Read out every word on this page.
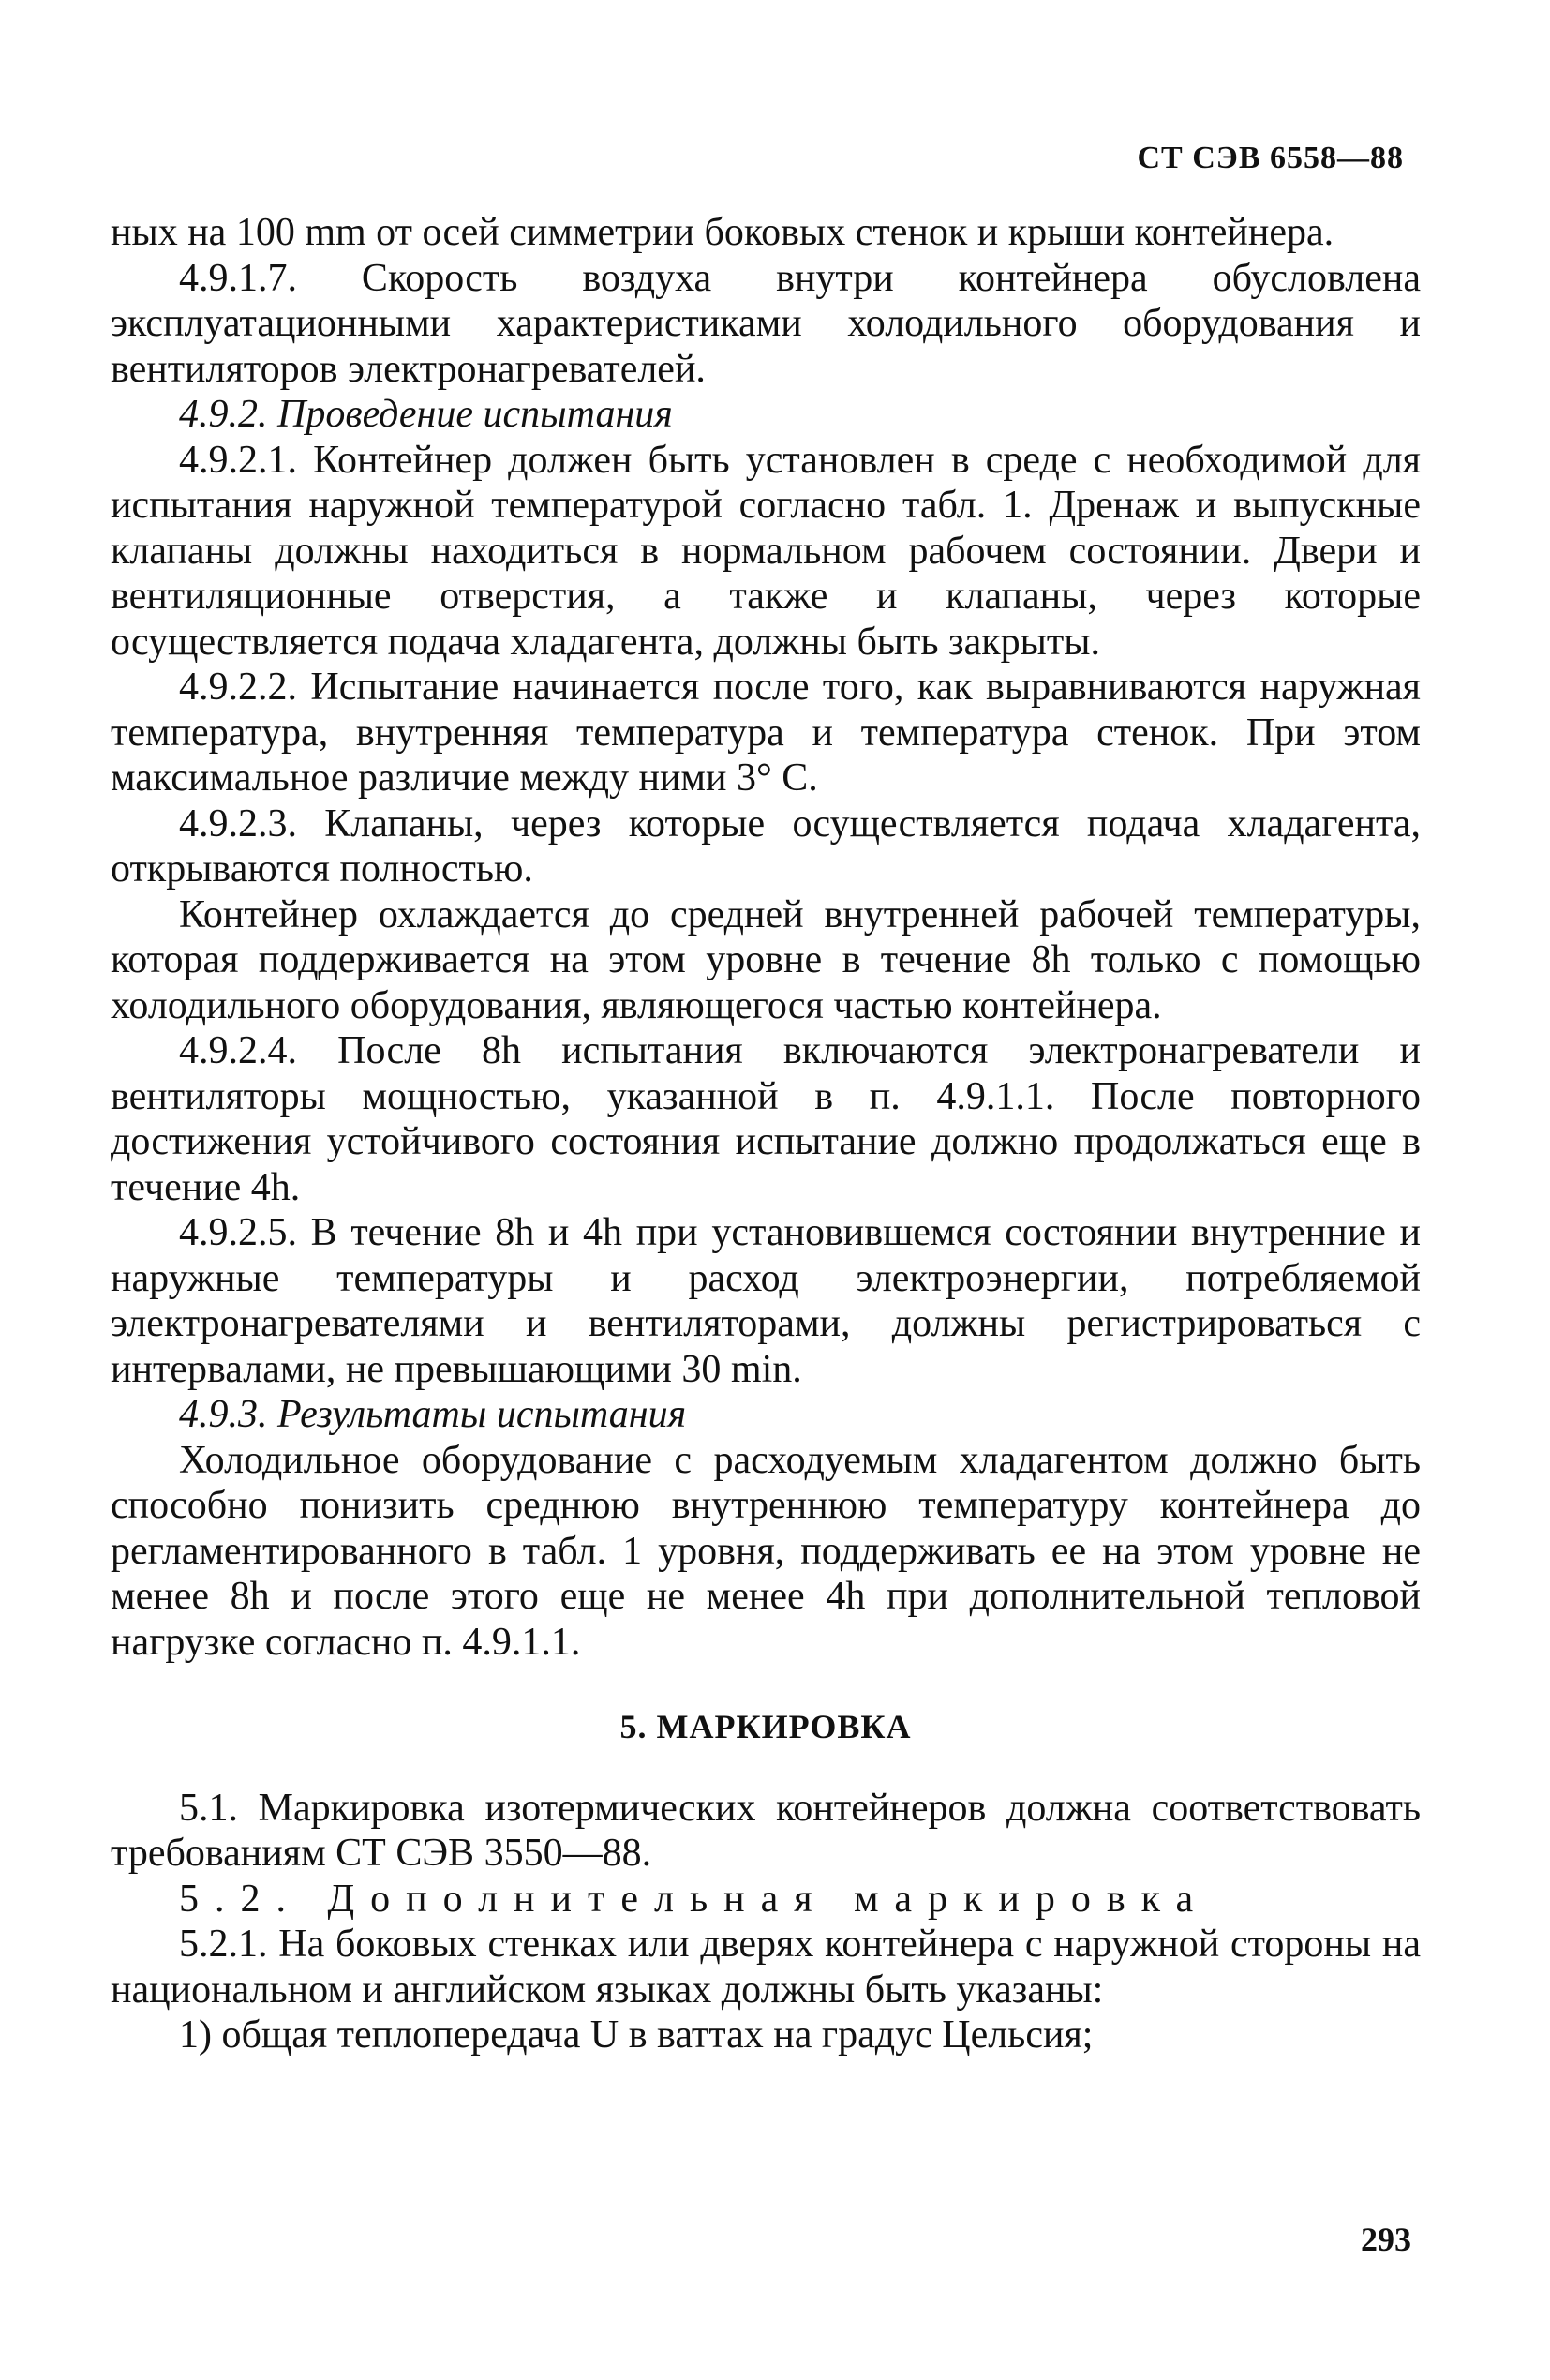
СТ СЭВ 6558—88

ных на 100 mm от осей симметрии боковых стенок и крыши контейнера.

4.9.1.7. Скорость воздуха внутри контейнера обусловлена эксплуатационными характеристиками холодильного оборудования и вентиляторов электронагревателей.

4.9.2. Проведение испытания

4.9.2.1. Контейнер должен быть установлен в среде с необходимой для испытания наружной температурой согласно табл. 1. Дренаж и выпускные клапаны должны находиться в нормальном рабочем состоянии. Двери и вентиляционные отверстия, а также и клапаны, через которые осуществляется подача хладагента, должны быть закрыты.

4.9.2.2. Испытание начинается после того, как выравниваются наружная температура, внутренняя температура и температура стенок. При этом максимальное различие между ними 3° С.

4.9.2.3. Клапаны, через которые осуществляется подача хладагента, открываются полностью.

Контейнер охлаждается до средней внутренней рабочей температуры, которая поддерживается на этом уровне в течение 8h только с помощью холодильного оборудования, являющегося частью контейнера.

4.9.2.4. После 8h испытания включаются электронагреватели и вентиляторы мощностью, указанной в п. 4.9.1.1. После повторного достижения устойчивого состояния испытание должно продолжаться еще в течение 4h.

4.9.2.5. В течение 8h и 4h при установившемся состоянии внутренние и наружные температуры и расход электроэнергии, потребляемой электронагревателями и вентиляторами, должны регистрироваться с интервалами, не превышающими 30 min.

4.9.3. Результаты испытания

Холодильное оборудование с расходуемым хладагентом должно быть способно понизить среднюю внутреннюю температуру контейнера до регламентированного в табл. 1 уровня, поддерживать ее на этом уровне не менее 8h и после этого еще не менее 4h при дополнительной тепловой нагрузке согласно п. 4.9.1.1.

5. МАРКИРОВКА

5.1. Маркировка изотермических контейнеров должна соответствовать требованиям СТ СЭВ 3550—88.

5.2. Дополнительная маркировка

5.2.1. На боковых стенках или дверях контейнера с наружной стороны на национальном и английском языках должны быть указаны:

1) общая теплопередача U в ваттах на градус Цельсия;

293
